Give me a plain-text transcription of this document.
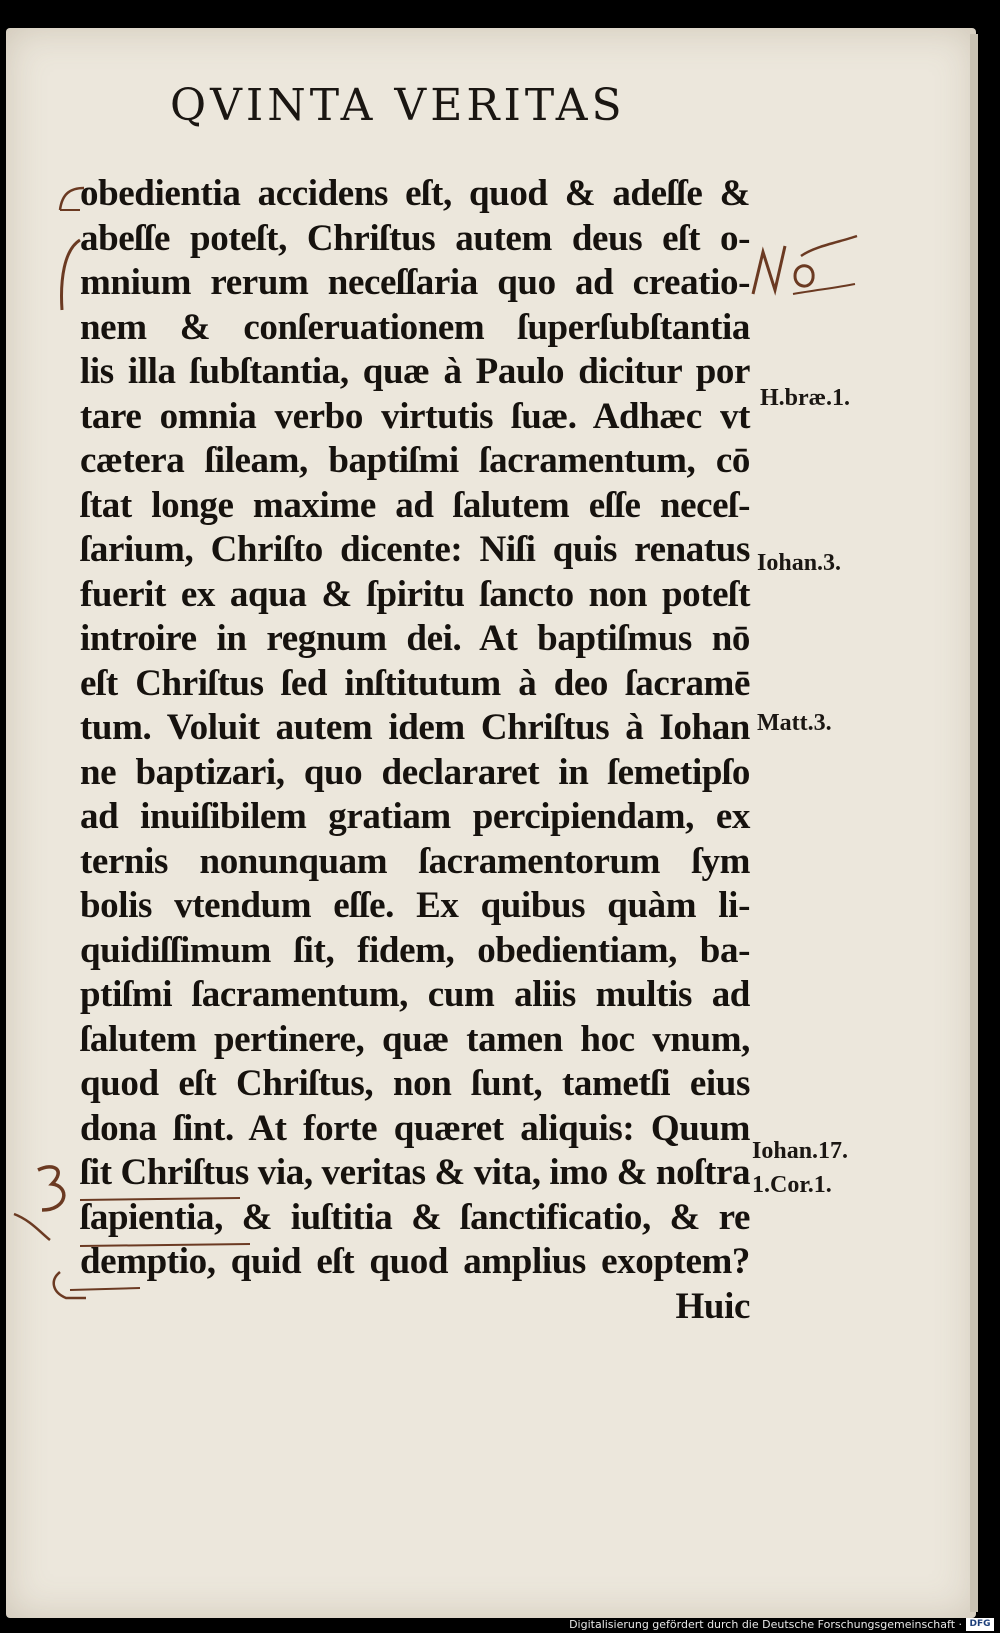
QVINTA VERITAS
obedientia accidens eſt, quod & adeſſe &
abeſſe poteſt, Chriſtus autem deus eſt o-
mnium rerum neceſſaria quo ad creatio-
nem & conſeruationem ſuperſubſtantia
lis illa ſubſtantia, quæ à Paulo dicitur por
tare omnia verbo virtutis ſuæ. Adhæc vt
cætera ſileam, baptiſmi ſacramentum, cō
ſtat longe maxime ad ſalutem eſſe neceſ-
ſarium, Chriſto dicente: Niſi quis renatus
fuerit ex aqua & ſpiritu ſancto non poteſt
introire in regnum dei. At baptiſmus nō
eſt Chriſtus ſed inſtitutum à deo ſacramē
tum. Voluit autem idem Chriſtus à Iohan
ne baptizari, quo declararet in ſemetipſo
ad inuiſibilem gratiam percipiendam, ex
ternis nonunquam ſacramentorum ſym
bolis vtendum eſſe. Ex quibus quàm li-
quidiſſimum ſit, fidem, obedientiam, ba-
ptiſmi ſacramentum, cum aliis multis ad
ſalutem pertinere, quæ tamen hoc vnum,
quod eſt Chriſtus, non ſunt, tametſi eius
dona ſint. At forte quæret aliquis: Quum
ſit Chriſtus via, veritas & vita, imo & noſtra
ſapientia, & iuſtitia & ſanctificatio, & re
demptio, quid eſt quod amplius exoptem?
Huic
H.bræ.1.
Iohan.3.
Matt.3.
Iohan.17.
1.Cor.1.
Digitalisierung gefördert durch die Deutsche Forschungsgemeinschaft · DFG
